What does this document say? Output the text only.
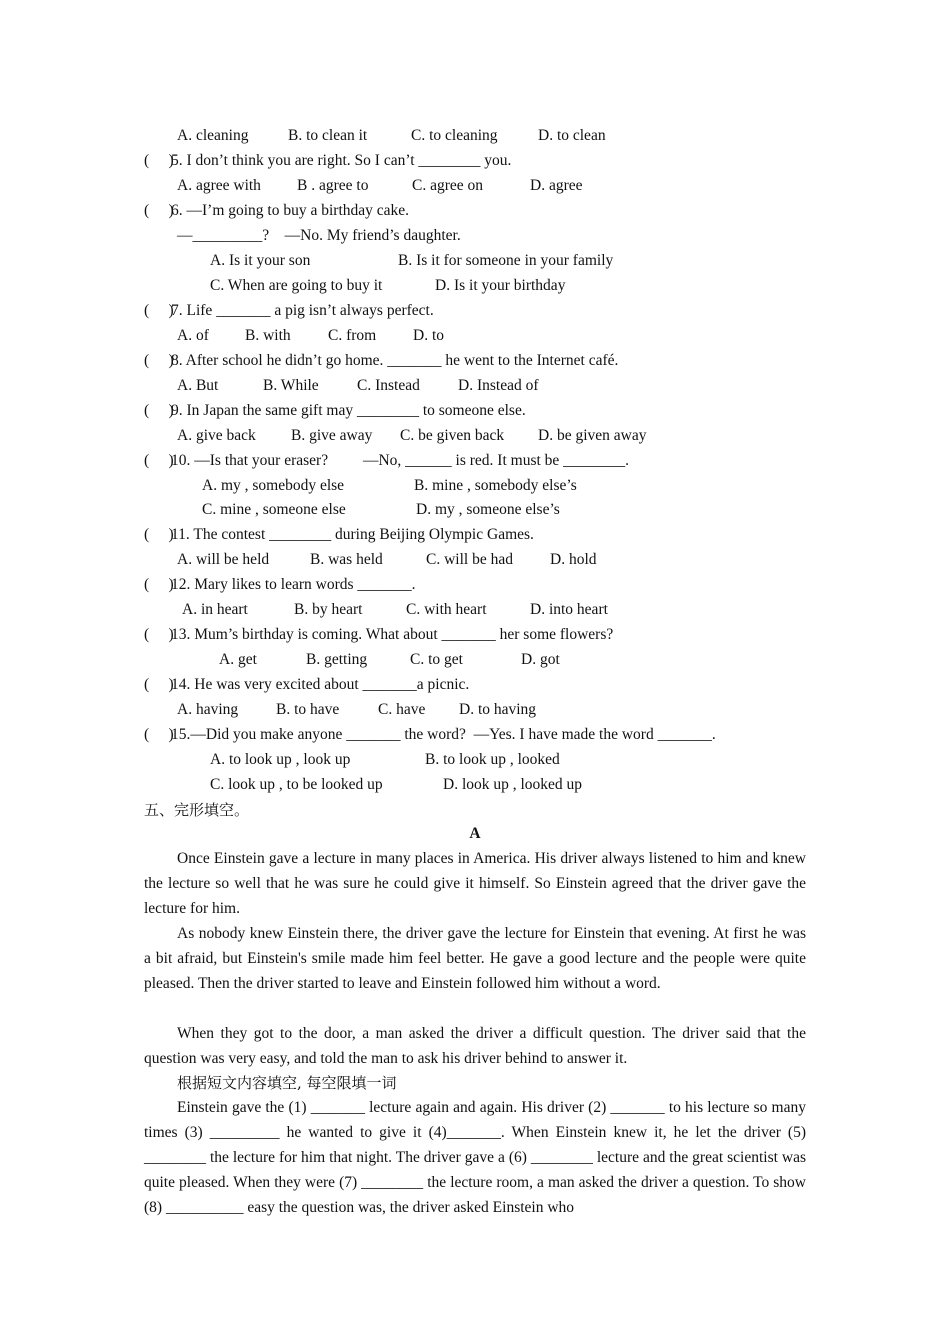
A. cleaning	B. to clean it	C. to cleaning	D. to clean
(     )
5. I don’t think you are right. So I can’t ________ you.
A. agree with B . agree to	C. agree on	D. agree
(     )
6. —I’m going to buy a birthday cake.
—_________?    —No. My friend’s daughter.
A. Is it your son	B. Is it for someone in your family
C. When are going to buy it	D. Is it your birthday
(     )
7. Life _______ a pig isn’t always perfect.
A. of B. with C. from D. to
(     )
8. After school he didn’t go home. _______ he went to the Internet café.
A. But	B. While C. Instead D. Instead of
(     )
9. In Japan the same gift may ________ to someone else.
A. give back B. give away C. be given back D. be given away
(     )
10. —Is that your eraser?         —No, ______ is red. It must be ________.
A. my , somebody else	B. mine , somebody else’s
C. mine , someone else	D. my , someone else’s
(     )
11. The contest ________ during Beijing Olympic Games.
A. will be held	B. was held	C. will be had D. hold
(     )
12. Mary likes to learn words _______.
A. in heart	B. by heart	C. with heart	D. into heart
(     )
13. Mum’s birthday is coming. What about _______ her some flowers?
A. get	B. getting	C. to get	D. got
(     )
14. He was very excited about _______a picnic.
A. having B. to have C. have D. to having
(     )
15.—Did you make anyone _______ the word?  —Yes. I have made the word _______.
A. to look up , look up	B. to look up , looked
C. look up , to be looked up	D. look up , looked up
五、完形填空。
A
Once Einstein gave a lecture in many places in America. His driver always listened to him and knew the lecture so well that he was sure he could give it himself. So Einstein agreed that the driver gave the lecture for him.
As nobody knew Einstein there, the driver gave the lecture for Einstein that evening. At first he was a bit afraid, but Einstein's smile made him feel better. He gave a good lecture and the people were quite pleased. Then the driver started to leave and Einstein followed him without a word.
When they got to the door, a man asked the driver a difficult question. The driver said that the question was very easy, and told the man to ask his driver behind to answer it.
根据短文内容填空, 每空限填一词
Einstein gave the (1) _______ lecture again and again. His driver (2) _______ to his lecture so many times (3) _________ he wanted to give it (4)_______. When Einstein knew it, he let the driver (5) ________ the lecture for him that night. The driver gave a (6) ________ lecture and the great scientist was quite pleased. When they were (7) ________ the lecture room, a man asked the driver a question. To show (8) __________ easy the question was, the driver asked Einstein who
